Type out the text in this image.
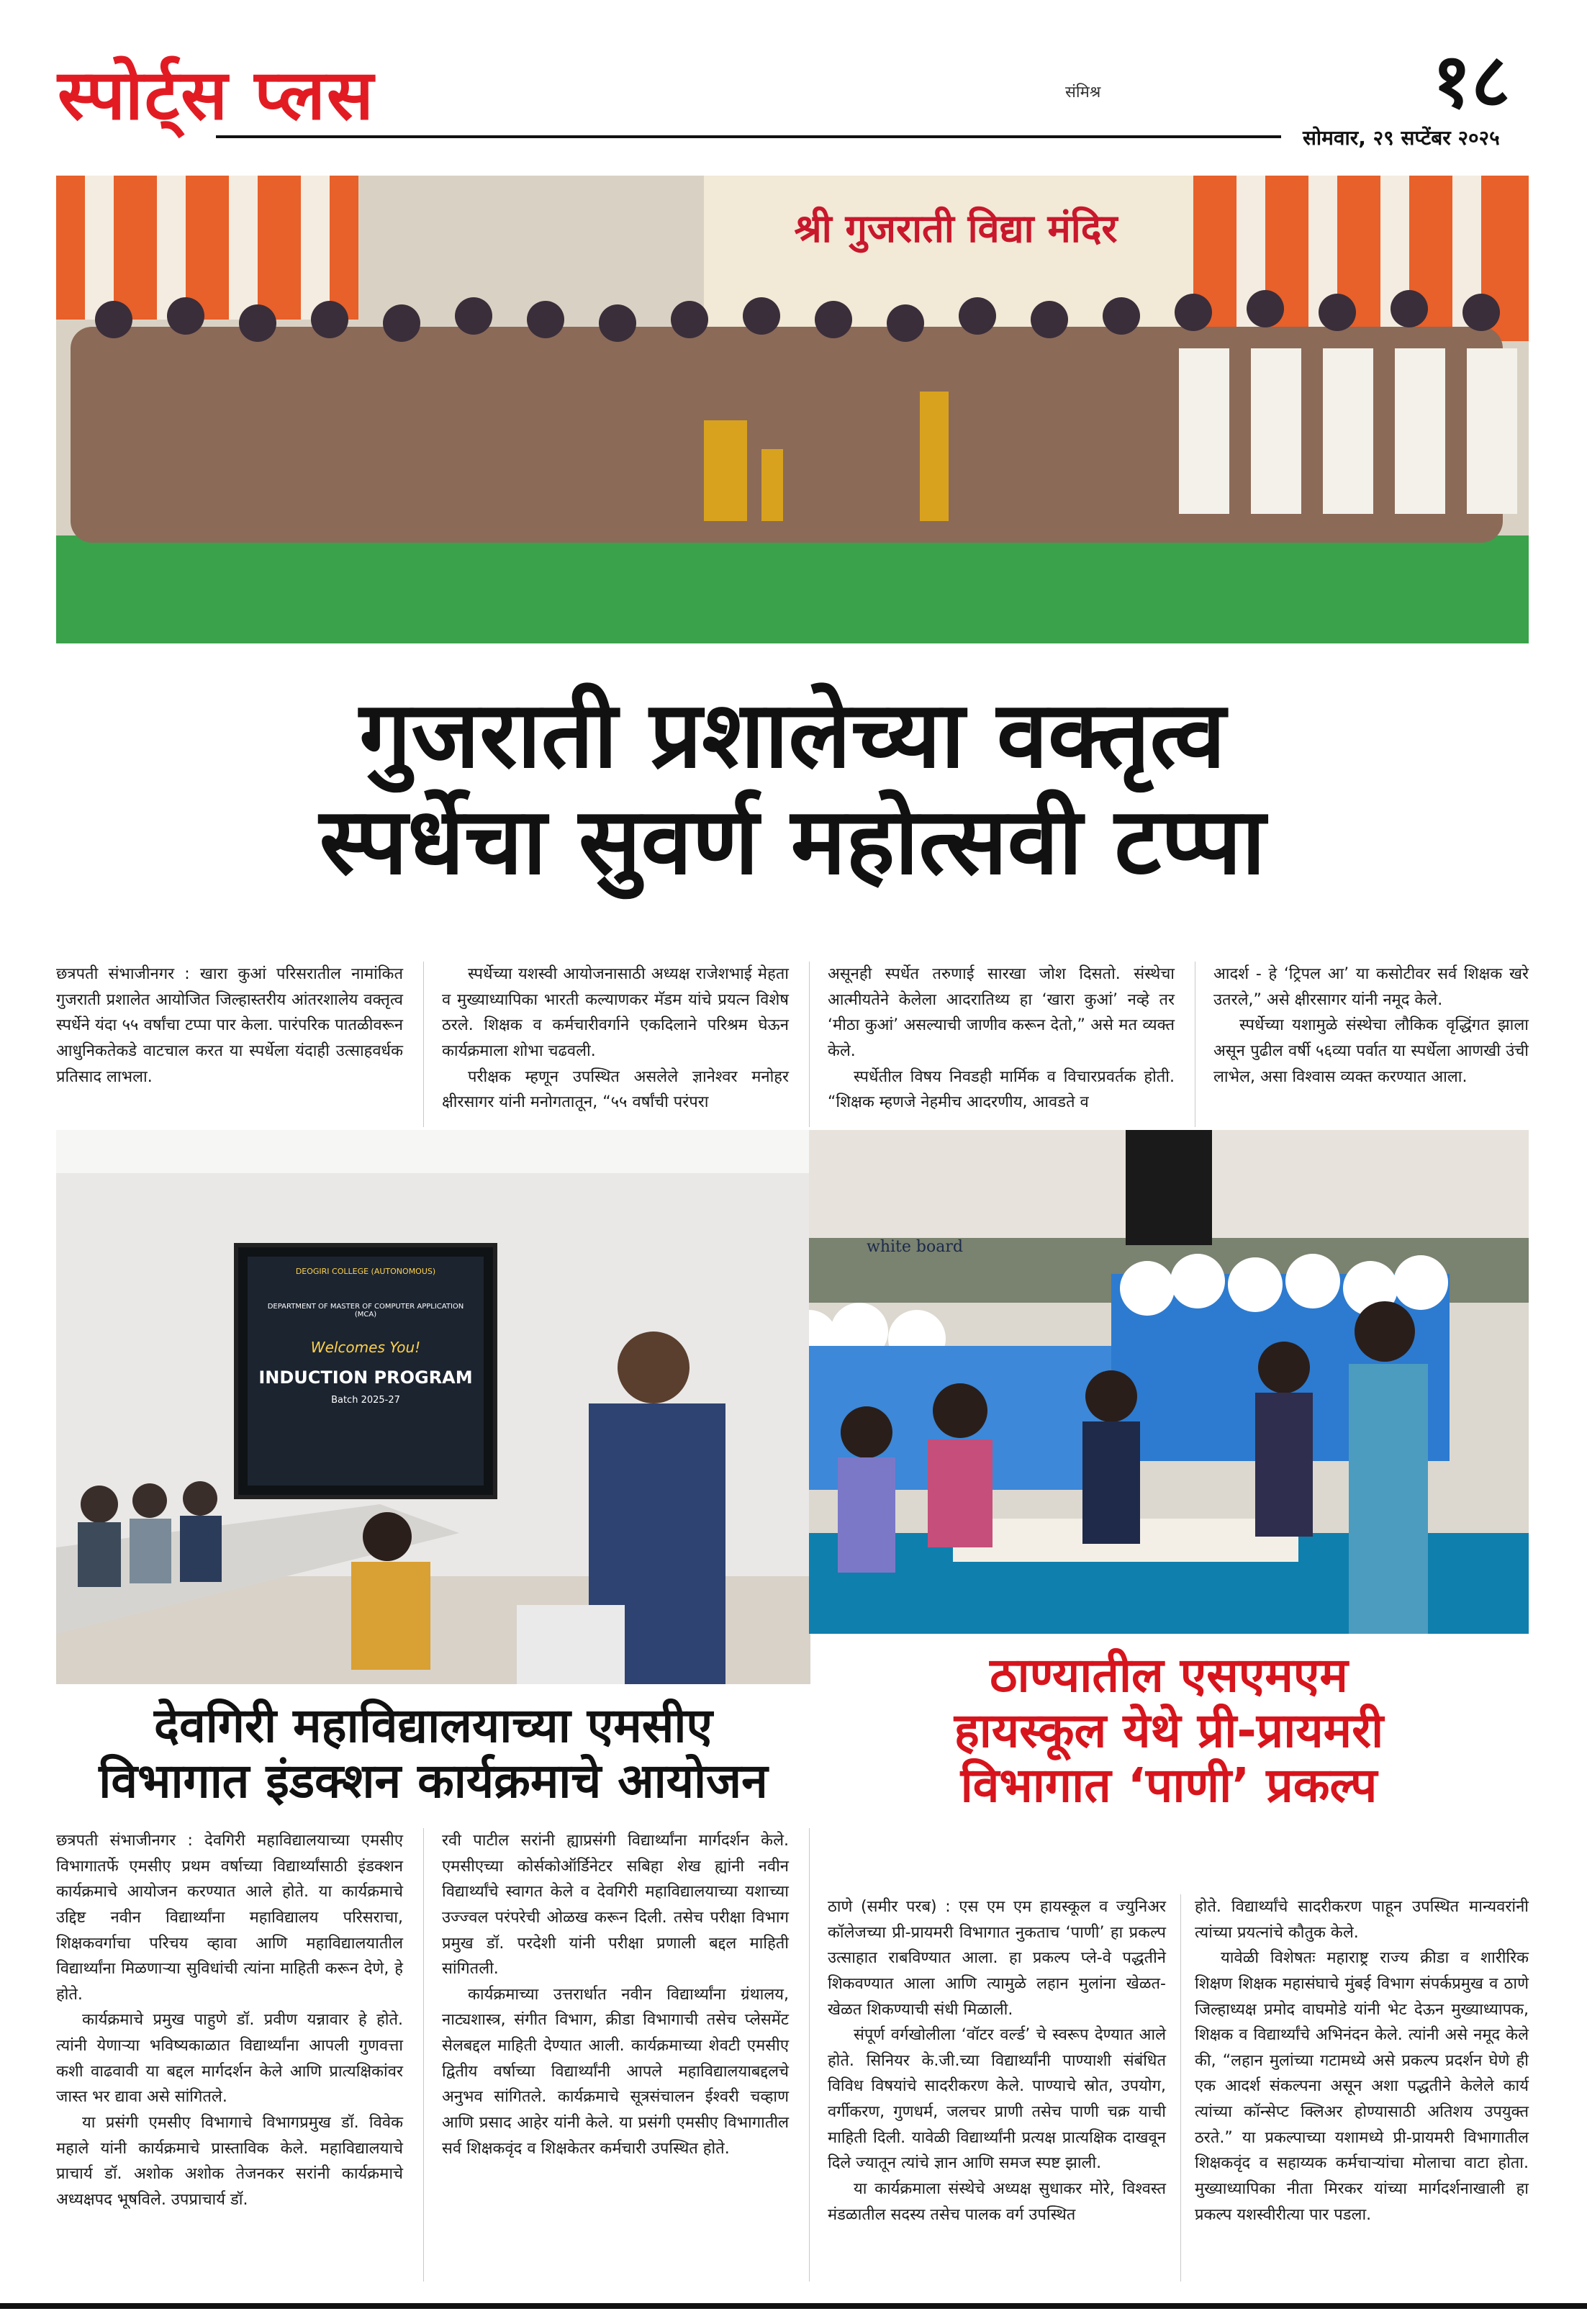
स्पोर्ट्स प्लस	संमिश्र	१८
सोमवार, २९ सप्टेंबर २०२५
श्री गुजराती विद्या मंदिर
गुजराती प्रशालेच्या वक्तृत्व
स्पर्धेचा सुवर्ण महोत्सवी टप्पा

छत्रपती संभाजीनगर : खारा कुआं परिसरातील नामांकित गुजराती प्रशालेत आयोजित जिल्हास्तरीय आंतरशालेय वक्तृत्व स्पर्धेने यंदा ५५ वर्षांचा टप्पा पार केला. पारंपरिक पातळीवरून आधुनिकतेकडे वाटचाल करत या स्पर्धेला यंदाही उत्साहवर्धक प्रतिसाद लाभला.

स्पर्धेच्या यशस्वी आयोजनासाठी अध्यक्ष राजेशभाई मेहता व मुख्याध्यापिका भारती कल्याणकर मॅडम यांचे प्रयत्न विशेष ठरले. शिक्षक व कर्मचारीवर्गाने एकदिलाने परिश्रम घेऊन कार्यक्रमाला शोभा चढवली.

परीक्षक म्हणून उपस्थित असलेले ज्ञानेश्वर मनोहर क्षीरसागर यांनी मनोगतातून, “५५ वर्षांची परंपरा

असूनही स्पर्धेत तरुणाई सारखा जोश दिसतो. संस्थेचा आत्मीयतेने केलेला आदरातिथ्य हा ‘खारा कुआं’ नव्हे तर ‘मीठा कुआं’ असल्याची जाणीव करून देतो,” असे मत व्यक्त केले.

स्पर्धेतील विषय निवडही मार्मिक व विचारप्रवर्तक होती. “शिक्षक म्हणजे नेहमीच आदरणीय, आवडते व

आदर्श - हे ‘ट्रिपल आ’ या कसोटीवर सर्व शिक्षक खरे उतरले,” असे क्षीरसागर यांनी नमूद केले.

स्पर्धेच्या यशामुळे संस्थेचा लौकिक वृद्धिंगत झाला असून पुढील वर्षी ५६व्या पर्वात या स्पर्धेला आणखी उंची लाभेल, असा विश्वास व्यक्त करण्यात आला.

DEOGIRI COLLEGE (AUTONOMOUS)
DEPARTMENT OF MASTER OF COMPUTER APPLICATION (MCA)
Welcomes You!
INDUCTION PROGRAM
Batch 2025-27
white board
देवगिरी महाविद्यालयाच्या एमसीए
विभागात इंडक्शन कार्यक्रमाचे आयोजन
ठाण्यातील एसएमएम
हायस्कूल येथे प्री-प्रायमरी
विभागात ‘पाणी’ प्रकल्प

छत्रपती संभाजीनगर : देवगिरी महाविद्यालयाच्या एमसीए विभागातर्फे एमसीए प्रथम वर्षाच्या विद्यार्थ्यांसाठी इंडक्शन कार्यक्रमाचे आयोजन करण्यात आले होते. या कार्यक्रमाचे उद्दिष्ट नवीन विद्यार्थ्यांना महाविद्यालय परिसराचा, शिक्षकवर्गाचा परिचय व्हावा आणि महाविद्यालयातील विद्यार्थ्यांना मिळणाऱ्या सुविधांची त्यांना माहिती करून देणे, हे होते.

कार्यक्रमाचे प्रमुख पाहुणे डॉ. प्रवीण यन्नावार हे होते. त्यांनी येणाऱ्या भविष्यकाळात विद्यार्थ्यांना आपली गुणवत्ता कशी वाढवावी या बद्दल मार्गदर्शन केले आणि प्रात्यक्षिकांवर जास्त भर द्यावा असे सांगितले.

या प्रसंगी एमसीए विभागाचे विभागप्रमुख डॉ. विवेक महाले यांनी कार्यक्रमाचे प्रास्ताविक केले. महाविद्यालयाचे प्राचार्य डॉ. अशोक अशोक तेजनकर सरांनी कार्यक्रमाचे अध्यक्षपद भूषविले. उपप्राचार्य डॉ.

रवी पाटील सरांनी ह्याप्रसंगी विद्यार्थ्यांना मार्गदर्शन केले. एमसीएच्या कोर्सकोऑर्डिनेटर सबिहा शेख ह्यांनी नवीन विद्यार्थ्यांचे स्वागत केले व देवगिरी महाविद्यालयाच्या यशाच्या उज्ज्वल परंपरेची ओळख करून दिली. तसेच परीक्षा विभाग प्रमुख डॉ. परदेशी यांनी परीक्षा प्रणाली बद्दल माहिती सांगितली.

कार्यक्रमाच्या उत्तरार्धात नवीन विद्यार्थ्यांना ग्रंथालय, नाट्यशास्त्र, संगीत विभाग, क्रीडा विभागाची तसेच प्लेसमेंट सेलबद्दल माहिती देण्यात आली. कार्यक्रमाच्या शेवटी एमसीए द्वितीय वर्षाच्या विद्यार्थ्यांनी आपले महाविद्यालयाबद्दलचे अनुभव सांगितले. कार्यक्रमाचे सूत्रसंचालन ईश्वरी चव्हाण आणि प्रसाद आहेर यांनी केले. या प्रसंगी एमसीए विभागातील सर्व शिक्षकवृंद व शिक्षकेतर कर्मचारी उपस्थित होते.

ठाणे (समीर परब) : एस एम एम हायस्कूल व ज्युनिअर कॉलेजच्या प्री-प्रायमरी विभागात नुकताच ‘पाणी’ हा प्रकल्प उत्साहात राबविण्यात आला. हा प्रकल्प प्ले-वे पद्धतीने शिकवण्यात आला आणि त्यामुळे लहान मुलांना खेळत-खेळत शिकण्याची संधी मिळाली.

संपूर्ण वर्गखोलीला ‘वॉटर वर्ल्ड’ चे स्वरूप देण्यात आले होते. सिनियर के.जी.च्या विद्यार्थ्यांनी पाण्याशी संबंधित विविध विषयांचे सादरीकरण केले. पाण्याचे स्रोत, उपयोग, वर्गीकरण, गुणधर्म, जलचर प्राणी तसेच पाणी चक्र याची माहिती दिली. यावेळी विद्यार्थ्यांनी प्रत्यक्ष प्रात्यक्षिक दाखवून दिले ज्यातून त्यांचे ज्ञान आणि समज स्पष्ट झाली.

या कार्यक्रमाला संस्थेचे अध्यक्ष सुधाकर मोरे, विश्वस्त मंडळातील सदस्य तसेच पालक वर्ग उपस्थित

होते. विद्यार्थ्यांचे सादरीकरण पाहून उपस्थित मान्यवरांनी त्यांच्या प्रयत्नांचे कौतुक केले.

यावेळी विशेषतः महाराष्ट्र राज्य क्रीडा व शारीरिक शिक्षण शिक्षक महासंघाचे मुंबई विभाग संपर्कप्रमुख व ठाणे जिल्हाध्यक्ष प्रमोद वाघमोडे यांनी भेट देऊन मुख्याध्यापक, शिक्षक व विद्यार्थ्यांचे अभिनंदन केले. त्यांनी असे नमूद केले की, “लहान मुलांच्या गटामध्ये असे प्रकल्प प्रदर्शन घेणे ही एक आदर्श संकल्पना असून अशा पद्धतीने केलेले कार्य त्यांच्या कॉन्सेप्ट क्लिअर होण्यासाठी अतिशय उपयुक्त ठरते.” या प्रकल्पाच्या यशामध्ये प्री-प्रायमरी विभागातील शिक्षकवृंद व सहाय्यक कर्मचाऱ्यांचा मोलाचा वाटा होता. मुख्याध्यापिका नीता मिरकर यांच्या मार्गदर्शनाखाली हा प्रकल्प यशस्वीरीत्या पार पडला.
